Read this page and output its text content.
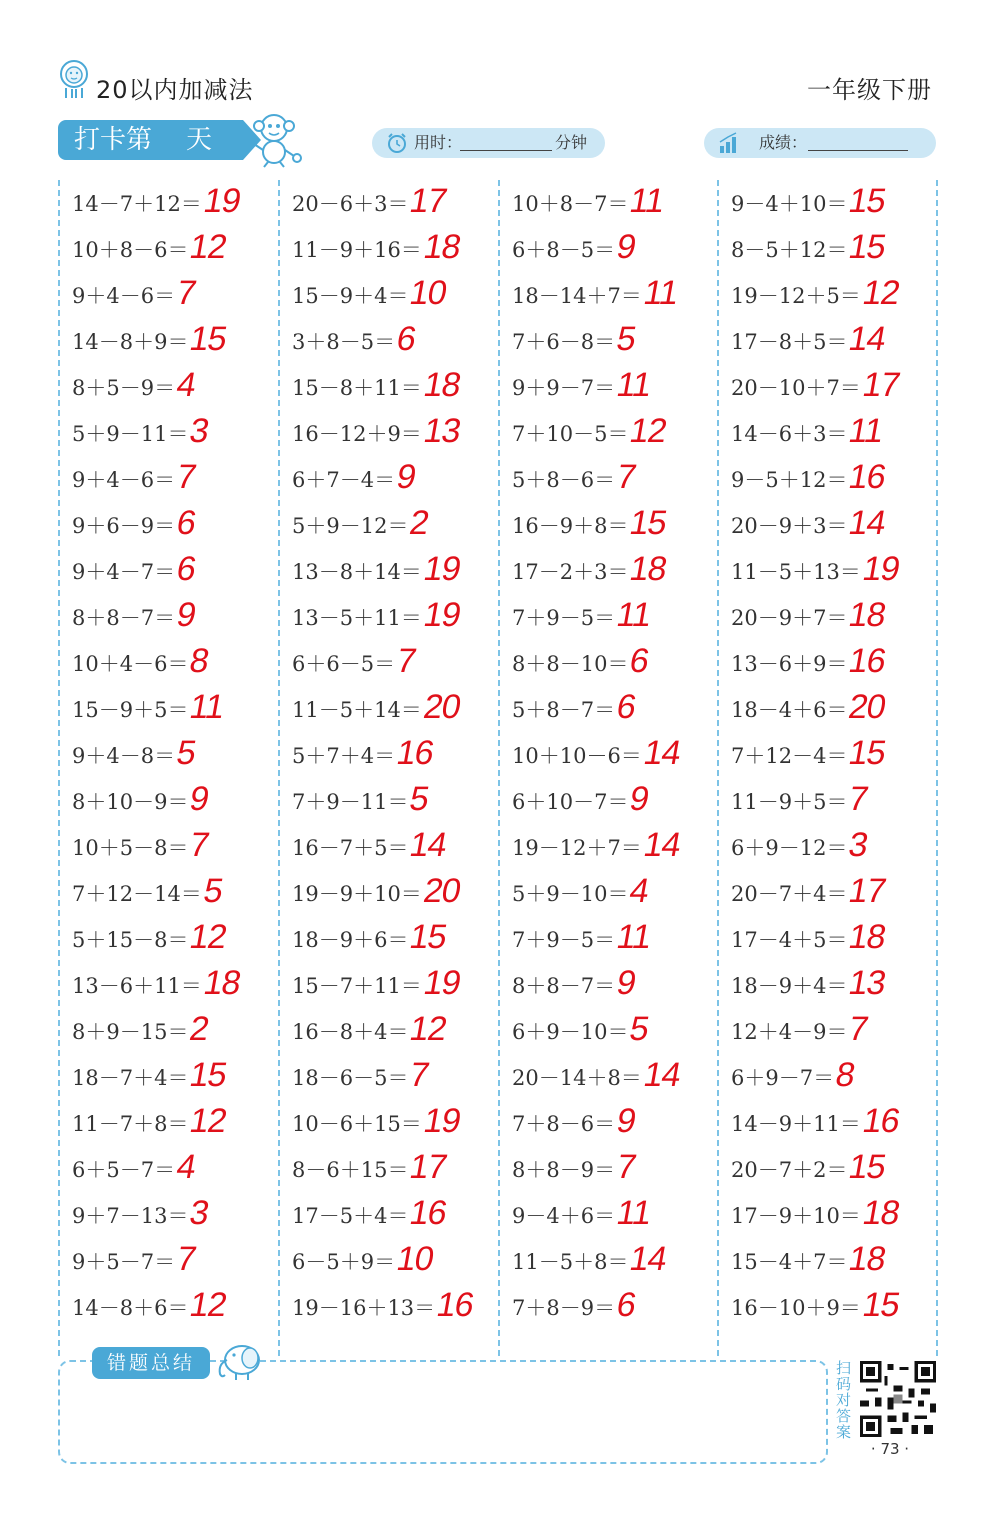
20以内加减法	一年级下册
打卡第 天	用时：	分钟	成绩：
14－7＋12＝
19
10＋8－6＝
12
9＋4－6＝
7
14－8＋9＝
15
8＋5－9＝
4
5＋9－11＝
3
9＋4－6＝
7
9＋6－9＝
6
9＋4－7＝
6
8＋8－7＝
9
10＋4－6＝
8
15－9＋5＝
11
9＋4－8＝
5
8＋10－9＝
9
10＋5－8＝
7
7＋12－14＝
5
5＋15－8＝
12
13－6＋11＝
18
8＋9－15＝
2
18－7＋4＝
15
11－7＋8＝
12
6＋5－7＝
4
9＋7－13＝
3
9＋5－7＝
7
14－8＋6＝
12
20－6＋3＝
17
11－9＋16＝
18
15－9＋4＝
10
3＋8－5＝
6
15－8＋11＝
18
16－12＋9＝
13
6＋7－4＝
9
5＋9－12＝
2
13－8＋14＝
19
13－5＋11＝
19
6＋6－5＝
7
11－5＋14＝
20
5＋7＋4＝
16
7＋9－11＝
5
16－7＋5＝
14
19－9＋10＝
20
18－9＋6＝
15
15－7＋11＝
19
16－8＋4＝
12
18－6－5＝
7
10－6＋15＝
19
8－6＋15＝
17
17－5＋4＝
16
6－5＋9＝
10
19－16＋13＝
16
10＋8－7＝
11
6＋8－5＝
9
18－14＋7＝
11
7＋6－8＝
5
9＋9－7＝
11
7＋10－5＝
12
5＋8－6＝
7
16－9＋8＝
15
17－2＋3＝
18
7＋9－5＝
11
8＋8－10＝
6
5＋8－7＝
6
10＋10－6＝
14
6＋10－7＝
9
19－12＋7＝
14
5＋9－10＝
4
7＋9－5＝
11
8＋8－7＝
9
6＋9－10＝
5
20－14＋8＝
14
7＋8－6＝
9
8＋8－9＝
7
9－4＋6＝
11
11－5＋8＝
14
7＋8－9＝
6
9－4＋10＝
15
8－5＋12＝
15
19－12＋5＝
12
17－8＋5＝
14
20－10＋7＝
17
14－6＋3＝
11
9－5＋12＝
16
20－9＋3＝
14
11－5＋13＝
19
20－9＋7＝
18
13－6＋9＝
16
18－4＋6＝
20
7＋12－4＝
15
11－9＋5＝
7
6＋9－12＝
3
20－7＋4＝
17
17－4＋5＝
18
18－9＋4＝
13
12＋4－9＝
7
6＋9－7＝
8
14－9＋11＝
16
20－7＋2＝
15
17－9＋10＝
18
15－4＋7＝
18
16－10＋9＝
15
错题总结	扫码对答案
· 73 ·
